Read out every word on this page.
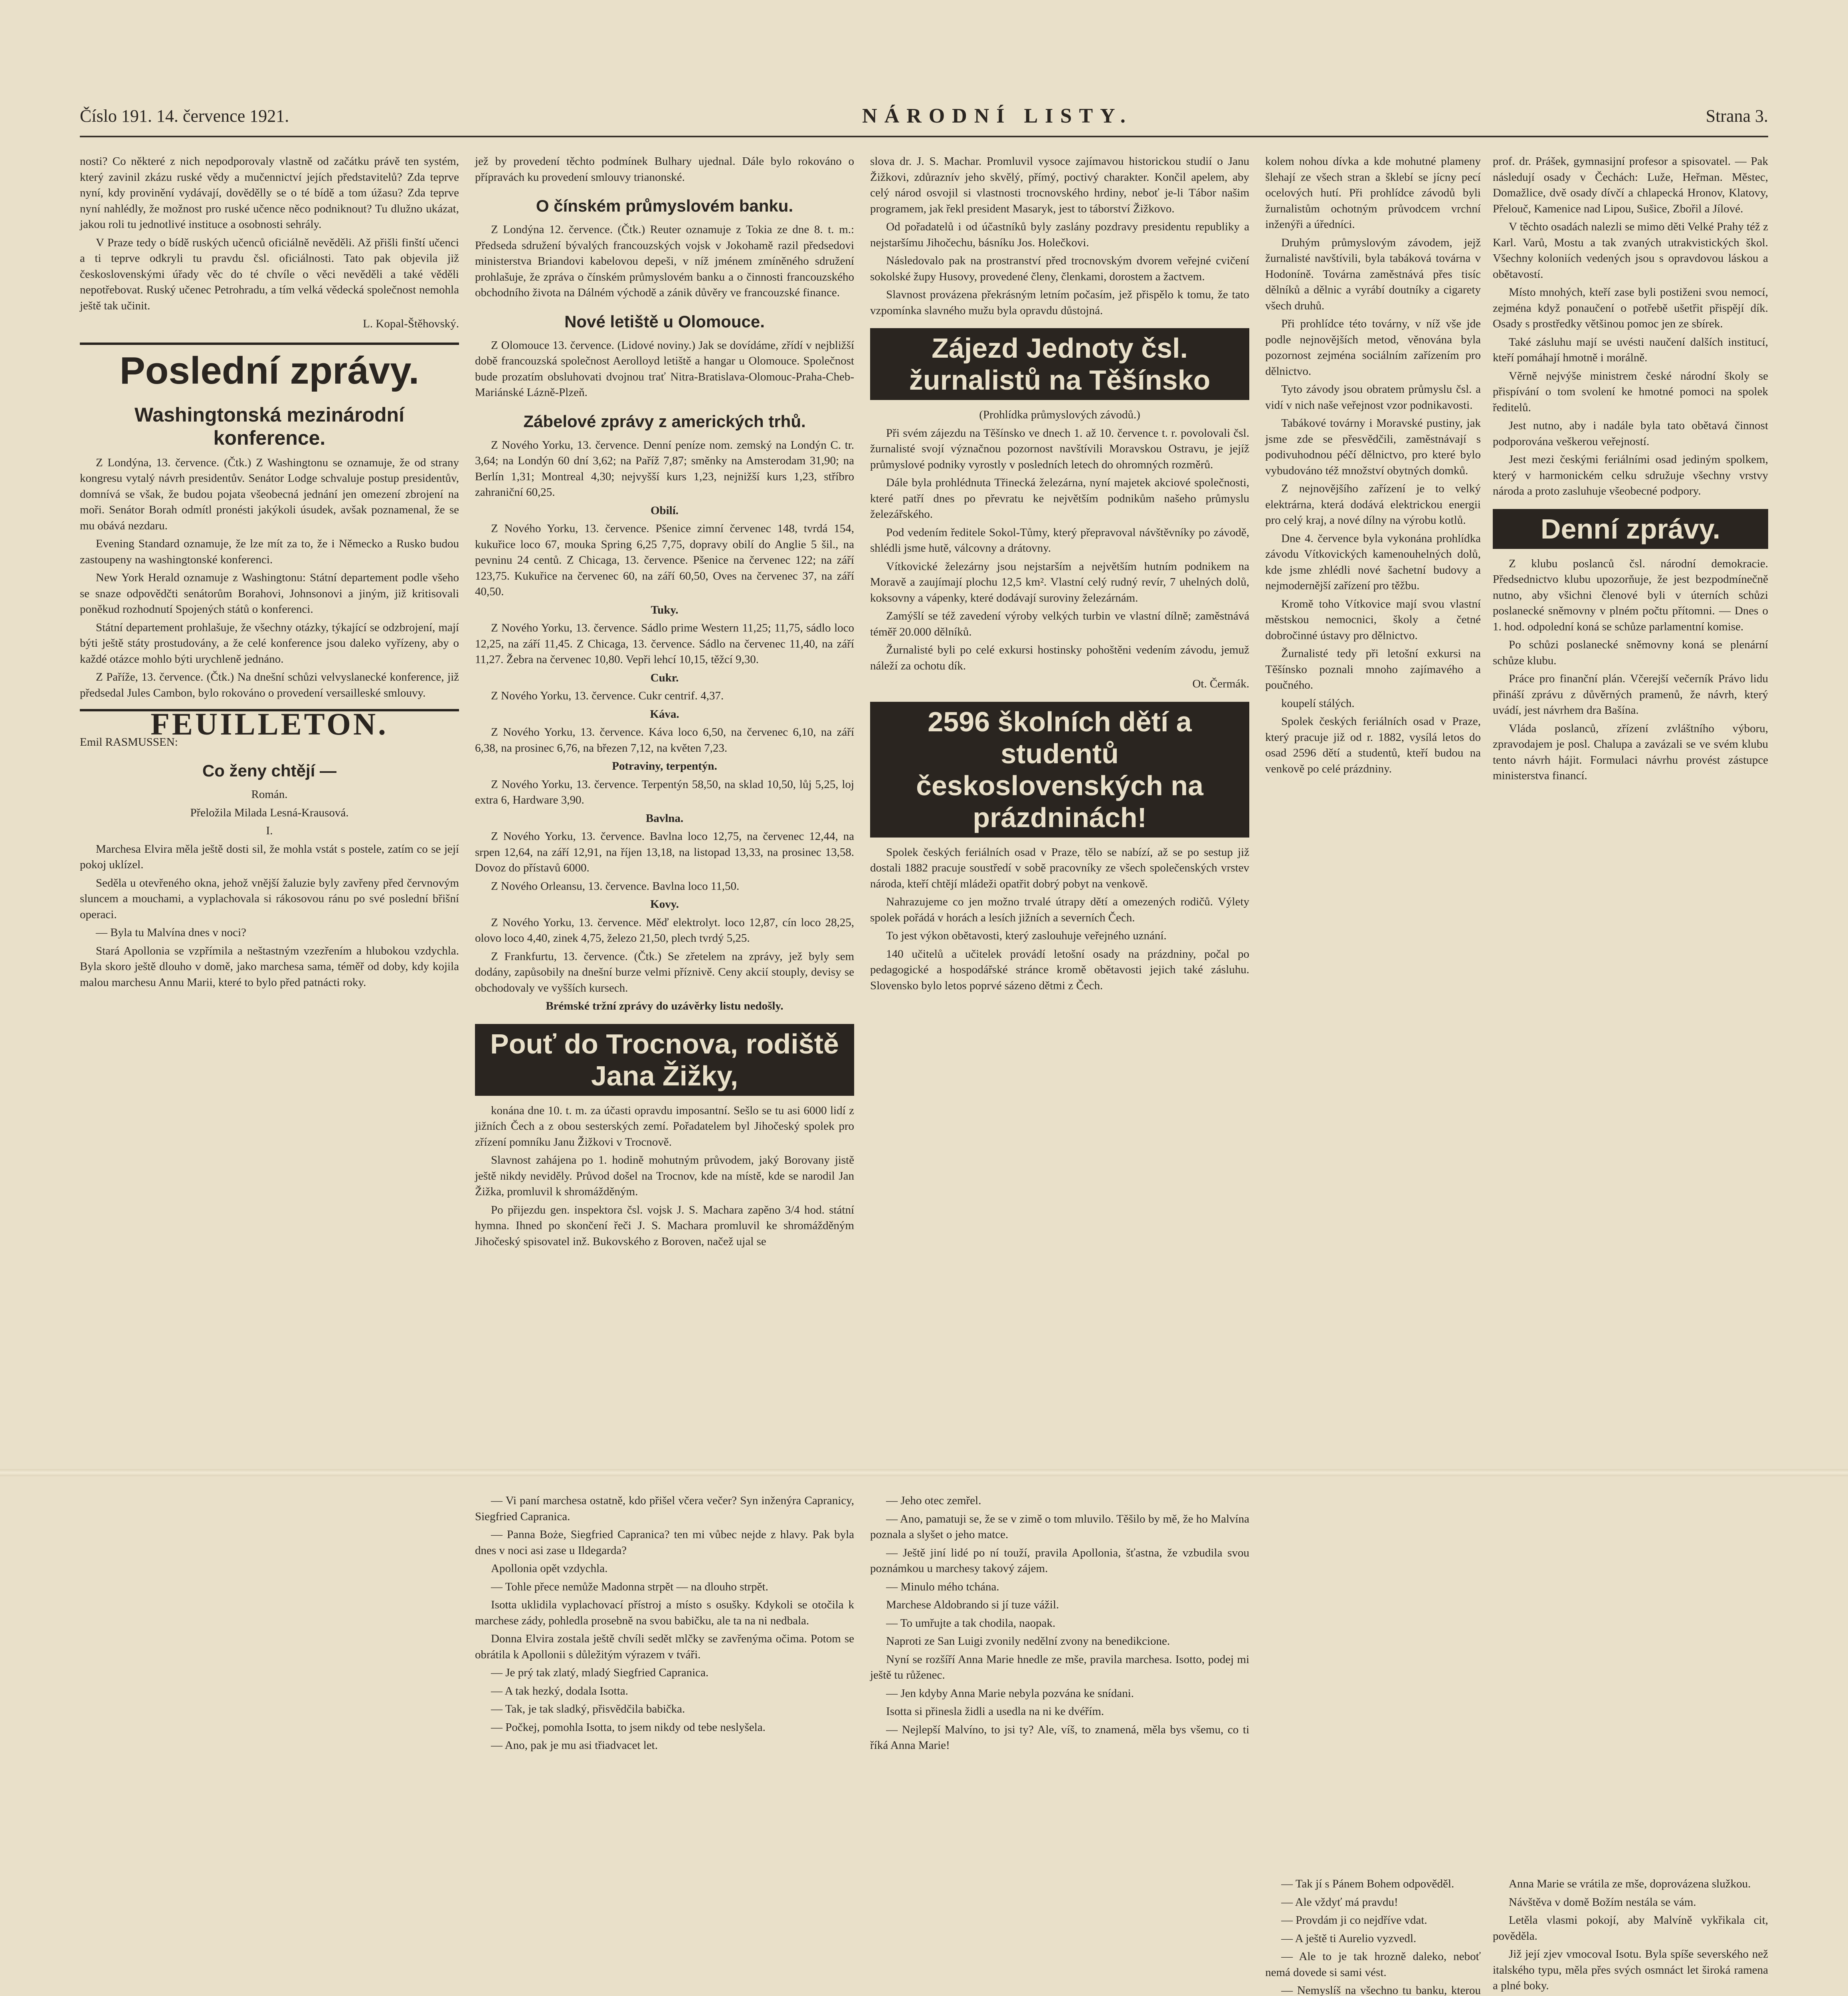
Číslo 191. 14. července 1921.	NÁRODNÍ LISTY.	Strana 3.

nosti? Co některé z nich nepodporovaly vlastně od začátku právě ten systém, který zavinil zkázu ruské vědy a mučennictví jejích představitelů? Zda teprve nyní, kdy provinění vydávají, dovědělly se o té bídě a tom úžasu? Zda teprve nyní nahlédly, že možnost pro ruské učence něco podniknout? Tu dlužno ukázat, jakou roli tu jednotlivé instituce a osobnosti sehrály.

V Praze tedy o bídě ruských učenců oficiálně nevěděli. Až přišli finští učenci a ti teprve odkryli tu pravdu čsl. oficiálnosti. Tato pak objevila již československými úřady věc do té chvíle o věci nevěděli a také věděli nepotřebovat. Ruský učenec Petrohradu, a tím velká vědecká společnost nemohla ještě tak učinit.

L. Kopal-Štěhovský.

Poslední zprávy.
Washingtonská mezinárodní konference.

Z Londýna, 13. července. (Čtk.) Z Washingtonu se oznamuje, že od strany kongresu vytalý návrh presidentův. Senátor Lodge schvaluje postup presidentův, domnívá se však, že budou pojata všeobecná jednání jen omezení zbrojení na moři. Senátor Borah odmítl pronésti jakýkoli úsudek, avšak poznamenal, že se mu obává nezdaru.

Evening Standard oznamuje, že lze mít za to, že i Německo a Rusko budou zastoupeny na washingtonské konferenci.

New York Herald oznamuje z Washingtonu: Státní departement podle všeho se snaze odpovědčti senátorům Borahovi, Johnsonovi a jiným, již kritisovali poněkud rozhodnutí Spojených států o konferenci.

Státní departement prohlašuje, že všechny otázky, týkající se odzbrojení, mají býti ještě státy prostudovány, a že celé konference jsou daleko vyřízeny, aby o každé otázce mohlo býti urychleně jednáno.

Z Paříže, 13. července. (Čtk.) Na dnešní schůzi velvyslanecké konference, již předsedal Jules Cambon, bylo rokováno o provedení versailleské smlouvy.

FEUILLETON.

Emil RASMUSSEN:

Co ženy chtějí —

Román.

Přeložila Milada Lesná-Krausová.

I.

Marchesa Elvira měla ještě dosti sil, že mohla vstát s postele, zatím co se její pokoj uklízel.

Seděla u otevřeného okna, jehož vnější žaluzie byly zavřeny před červnovým sluncem a mouchami, a vyplachovala si rákosovou ránu po své poslední břišní operaci.

— Byla tu Malvína dnes v noci?

Stará Apollonia se vzpřímila a neštastným vzezřením a hlubokou vzdychla. Byla skoro ještě dlouho v domě, jako marchesa sama, téměř od doby, kdy kojila malou marchesu Annu Marii, které to bylo před patnácti roky.

jež by provedení těchto podmínek Bulhary ujednal. Dále bylo rokováno o přípravách ku provedení smlouvy trianonské.

O čínském průmyslovém banku.

Z Londýna 12. července. (Čtk.) Reuter oznamuje z Tokia ze dne 8. t. m.: Předseda sdružení bývalých francouzských vojsk v Jokohamě razil předsedovi ministerstva Briandovi kabelovou depeši, v níž jménem zmíněného sdružení prohlašuje, že zpráva o čínském průmyslovém banku a o činnosti francouzského obchodního života na Dálném východě a zánik důvěry ve francouzské finance.

Nové letiště u Olomouce.

Z Olomouce 13. července. (Lidové noviny.) Jak se dovídáme, zřídí v nejbližší době francouzská společnost Aerolloyd letiště a hangar u Olomouce. Společnost bude prozatím obsluhovati dvojnou trať Nitra-Bratislava-Olomouc-Praha-Cheb-Mariánské Lázně-Plzeň.

Zábelové zprávy z amerických trhů.

Z Nového Yorku, 13. července. Denní peníze nom. zemský na Londýn C. tr. 3,64; na Londýn 60 dní 3,62; na Paříž 7,87; směnky na Amsterodam 31,90; na Berlín 1,31; Montreal 4,30; nejvyšší kurs 1,23, nejnižší kurs 1,23, stříbro zahraniční 60,25.

Obilí.

Z Nového Yorku, 13. července. Pšenice zimní červenec 148, tvrdá 154, kukuřice loco 67, mouka Spring 6,25 7,75, dopravy obilí do Anglie 5 šil., na pevninu 24 centů. Z Chicaga, 13. července. Pšenice na červenec 122; na září 123,75. Kukuřice na červenec 60, na září 60,50, Oves na červenec 37, na září 40,50.

Tuky.

Z Nového Yorku, 13. července. Sádlo prime Western 11,25; 11,75, sádlo loco 12,25, na září 11,45. Z Chicaga, 13. července. Sádlo na červenec 11,40, na září 11,27. Žebra na červenec 10,80. Vepři lehcí 10,15, těžcí 9,30.

Cukr.

Z Nového Yorku, 13. července. Cukr centrif. 4,37.

Káva.

Z Nového Yorku, 13. července. Káva loco 6,50, na červenec 6,10, na září 6,38, na prosinec 6,76, na březen 7,12, na květen 7,23.

Potraviny, terpentýn.

Z Nového Yorku, 13. července. Terpentýn 58,50, na sklad 10,50, lůj 5,25, loj extra 6, Hardware 3,90.

Bavlna.

Z Nového Yorku, 13. července. Bavlna loco 12,75, na červenec 12,44, na srpen 12,64, na září 12,91, na říjen 13,18, na listopad 13,33, na prosinec 13,58. Dovoz do přístavů 6000.

Z Nového Orleansu, 13. července. Bavlna loco 11,50.

Kovy.

Z Nového Yorku, 13. července. Měď elektrolyt. loco 12,87, cín loco 28,25, olovo loco 4,40, zinek 4,75, železo 21,50, plech tvrdý 5,25.

Z Frankfurtu, 13. července. (Čtk.) Se zřetelem na zprávy, jež byly sem dodány, zapůsobily na dnešní burze velmi příznivě. Ceny akcií stouply, devisy se obchodovaly ve vyšších kursech.

Brémské tržní zprávy do uzávěrky listu nedošly.

Pouť do Trocnova, rodiště Jana Žižky,

konána dne 10. t. m. za účasti opravdu imposantní. Sešlo se tu asi 6000 lidí z jižních Čech a z obou sesterských zemí. Pořadatelem byl Jihočeský spolek pro zřízení pomníku Janu Žižkovi v Trocnově.

Slavnost zahájena po 1. hodině mohutným průvodem, jaký Borovany jistě ještě nikdy neviděly. Průvod došel na Trocnov, kde na místě, kde se narodil Jan Žižka, promluvil k shromážděným.

Po přijezdu gen. inspektora čsl. vojsk J. S. Machara zapěno 3/4 hod. státní hymna. Ihned po skončení řeči J. S. Machara promluvil ke shromážděným Jihočeský spisovatel inž. Bukovského z Boroven, načež ujal se

slova dr. J. S. Machar. Promluvil vysoce zajímavou historickou studií o Janu Žižkovi, zdůraznív jeho skvělý, přímý, poctivý charakter. Končil apelem, aby celý národ osvojil si vlastnosti trocnovského hrdiny, neboť je-li Tábor našim programem, jak řekl president Masaryk, jest to táborství Žižkovo.

Od pořadatelů i od účastníků byly zaslány pozdravy presidentu republiky a nejstaršímu Jihočechu, básníku Jos. Holečkovi.

Následovalo pak na prostranství před trocnovským dvorem veřejné cvičení sokolské župy Husovy, provedené členy, členkami, dorostem a žactvem.

Slavnost provázena překrásným letním počasím, jež přispělo k tomu, že tato vzpomínka slavného mužu byla opravdu důstojná.

Zájezd Jednoty čsl. žurnalistů na Těšínsko

(Prohlídka průmyslových závodů.)

Při svém zájezdu na Těšínsko ve dnech 1. až 10. července t. r. povolovali čsl. žurnalisté svojí význačnou pozornost navštívili Moravskou Ostravu, je jejíž průmyslové podniky vyrostly v posledních letech do ohromných rozměrů.

Dále byla prohlédnuta Třinecká železárna, nyní majetek akciové společnosti, které patří dnes po převratu ke největším podnikům našeho průmyslu železářského.

Pod vedením ředitele Sokol-Tůmy, který přepravoval návštěvníky po závodě, shlédli jsme hutě, válcovny a drátovny.

Vítkovické železárny jsou nejstarším a největším hutním podnikem na Moravě a zaujímají plochu 12,5 km². Vlastní celý rudný revír, 7 uhelných dolů, koksovny a vápenky, které dodávají suroviny železárnám.

Zamýšlí se též zavedení výroby velkých turbin ve vlastní dílně; zaměstnává téměř 20.000 dělníků.

Žurnalisté byli po celé exkursi hostinsky pohoštěni vedením závodu, jemuž náleží za ochotu dík.

Ot. Čermák.

2596 školních dětí a studentů československých na prázdninách!

Spolek českých feriálních osad v Praze, tělo se nabízí, až se po sestup již dostali 1882 pracuje soustředí v sobě pracovníky ze všech společenských vrstev národa, kteří chtějí mládeži opatřit dobrý pobyt na venkově.

Nahrazujeme co jen možno trvalé útrapy dětí a omezených rodičů. Výlety spolek pořádá v horách a lesích jižních a severních Čech.

To jest výkon obětavosti, který zaslouhuje veřejného uznání.

140 učitelů a učitelek provádí letošní osady na prázdniny, počal po pedagogické a hospodářské stránce kromě obětavosti jejich také zásluhu. Slovensko bylo letos poprvé sázeno dětmi z Čech.

kolem nohou dívka a kde mohutné plameny šlehají ze všech stran a šklebí se jícny pecí ocelových hutí. Při prohlídce závodů byli žurnalistům ochotným průvodcem vrchní inženýři a úředníci.

Druhým průmyslovým závodem, jejž žurnalisté navštívili, byla tabáková továrna v Hodoníně. Továrna zaměstnává přes tisíc dělníků a dělnic a vyrábí doutníky a cigarety všech druhů.

Při prohlídce této továrny, v níž vše jde podle nejnovějších metod, věnována byla pozornost zejména sociálním zařízením pro dělnictvo.

Tyto závody jsou obratem průmyslu čsl. a vidí v nich naše veřejnost vzor podnikavosti.

Tabákové továrny i Moravské pustiny, jak jsme zde se přesvědčili, zaměstnávají s podivuhodnou péčí dělnictvo, pro které bylo vybudováno též množství obytných domků.

Z nejnovějšího zařízení je to velký elektrárna, která dodává elektrickou energii pro celý kraj, a nové dílny na výrobu kotlů.

Dne 4. července byla vykonána prohlídka závodu Vítkovických kamenouhelných dolů, kde jsme zhlédli nové šachetní budovy a nejmodernější zařízení pro těžbu.

Kromě toho Vítkovice mají svou vlastní městskou nemocnici, školy a četné dobročinné ústavy pro dělnictvo.

Žurnalisté tedy při letošní exkursi na Těšínsko poznali mnoho zajímavého a poučného.

koupelí stálých.

Spolek českých feriálních osad v Praze, který pracuje již od r. 1882, vysílá letos do osad 2596 dětí a studentů, kteří budou na venkově po celé prázdniny.

prof. dr. Prášek, gymnasijní profesor a spisovatel. — Pak následují osady v Čechách: Luže, Heřman. Městec, Domažlice, dvě osady dívčí a chlapecká Hronov, Klatovy, Přelouč, Kamenice nad Lipou, Sušice, Zbořil a Jílové.

V těchto osadách nalezli se mimo děti Velké Prahy též z Karl. Varů, Mostu a tak zvaných utrakvistických škol. Všechny koloniích vedených jsou s opravdovou láskou a obětavostí.

Místo mnohých, kteří zase byli postiženi svou nemocí, zejména když ponaučení o potřebě ušetřit přispějí dík. Osady s prostředky většinou pomoc jen ze sbírek.

Také zásluhu mají se uvésti naučení dalších institucí, kteří pomáhají hmotně i morálně.

Věrně nejvýše ministrem české národní školy se přispívání o tom svolení ke hmotné pomoci na spolek ředitelů.

Jest nutno, aby i nadále byla tato obětavá činnost podporována veškerou veřejností.

Jest mezi českými feriálními osad jediným spolkem, který v harmonickém celku sdružuje všechny vrstvy národa a proto zasluhuje všeobecné podpory.

Denní zprávy.

Z klubu poslanců čsl. národní demokracie. Předsednictvo klubu upozorňuje, že jest bezpodmínečně nutno, aby všichni členové byli v úterních schůzi poslanecké sněmovny v plném počtu přítomni. — Dnes o 1. hod. odpolední koná se schůze parlamentní komise.

Po schůzi poslanecké sněmovny koná se plenární schůze klubu.

Práce pro finanční plán. Včerejší večerník Právo lidu přináší zprávu z důvěrných pramenů, že návrh, který uvádí, jest návrhem dra Bašína.

Vláda poslanců, zřízení zvláštního výboru, zpravodajem je posl. Chalupa a zavázali se ve svém klubu tento návrh hájit. Formulaci návrhu provést zástupce ministerstva financí.

— Vi paní marchesa ostatně, kdo přišel včera večer? Syn inženýra Capranicy, Siegfried Capranica.

— Panna Boże, Siegfried Capranica? ten mi vůbec nejde z hlavy. Pak byla dnes v noci asi zase u Ildegarda?

Apollonia opět vzdychla.

— Tohle přece nemůže Madonna strpět — na dlouho strpět.

Isotta uklidila vyplachovací přístroj a místo s osušky. Kdykoli se otočila k marchese zády, pohledla prosebně na svou babičku, ale ta na ni nedbala.

Donna Elvira zostala ještě chvíli sedět mlčky se zavřenýma očima. Potom se obrátila k Apollonii s důležitým výrazem v tváři.

— Je prý tak zlatý, mladý Siegfried Capranica.

— A tak hezký, dodala Isotta.

— Tak, je tak sladký, přisvědčila babička.

— Počkej, pomohla Isotta, to jsem nikdy od tebe neslyšela.

— Ano, pak je mu asi třiadvacet let.

— Jeho otec zemřel.

— Ano, pamatuji se, že se v zimě o tom mluvilo. Těšilo by mě, že ho Malvína poznala a slyšet o jeho matce.

— Ještě jiní lidé po ní touží, pravila Apollonia, šťastna, že vzbudila svou poznámkou u marchesy takový zájem.

— Minulo mého tchána.

Marchese Aldobrando si jí tuze vážil.

— To umřujte a tak chodila, naopak.

Naproti ze San Luigi zvonily nedělní zvony na benedikcione.

Nyní se rozšíří Anna Marie hnedle ze mše, pravila marchesa. Isotto, podej mi ještě tu růženec.

— Jen kdyby Anna Marie nebyla pozvána ke snídani.

Isotta si přinesla židli a usedla na ni ke dvéřím.

— Nejlepší Malvíno, to jsi ty? Ale, víš, to znamená, měla bys všemu, co ti říká Anna Marie!

— Tak jí s Pánem Bohem odpověděl.

— Ale vždyť má pravdu!

— Provdám ji co nejdříve vdat.

— A ještě ti Aurelio vyzvedl.

— Ale to je tak hrozně daleko, neboť nemá dovede si sami vést.

— Nemyslíš na všechno tu banku, kterou

Anna Marie se vrátila ze mše, doprovázena služkou.

Návštěva v domě Božím nestála se vám.

Letěla vlasmi pokojí, aby Malvíně vykřikala cit, pověděla.

Již její zjev vmocoval Isotu. Byla spíše severského než italského typu, měla přes svých osmnáct let široká ramena a plné boky.
